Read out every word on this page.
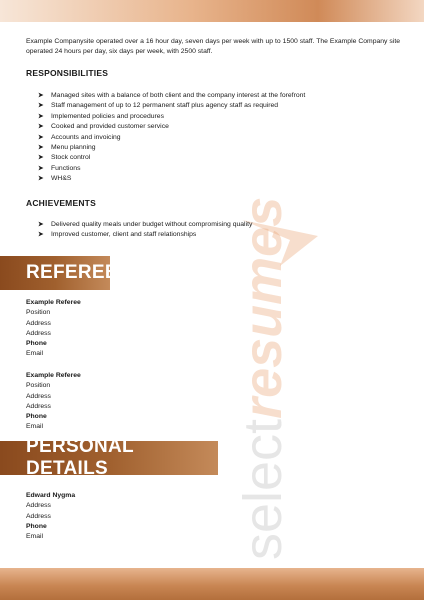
selectresumes

Example Companysite operated over a 16 hour day, seven days per week with up to 1500 staff. The Example Company site operated 24 hours per day, six days per week, with 2500 staff.

RESPONSIBILITIES
➤ Managed sites with a balance of both client and the company interest at the forefront
➤ Staff management of up to 12 permanent staff plus agency staff as required
➤ Implemented policies and procedures
➤ Cooked and provided customer service
➤ Accounts and invoicing
➤ Menu planning
➤ Stock control
➤ Functions
➤ WH&S
ACHIEVEMENTS
➤ Delivered quality meals under budget without compromising quality
➤ Improved customer, client and staff relationships
REFEREES
Example Referee
Position
Address
Address
Phone
Email
Example Referee
Position
Address
Address
Phone
Email
PERSONAL DETAILS
Edward Nygma
Address
Address
Phone
Email
